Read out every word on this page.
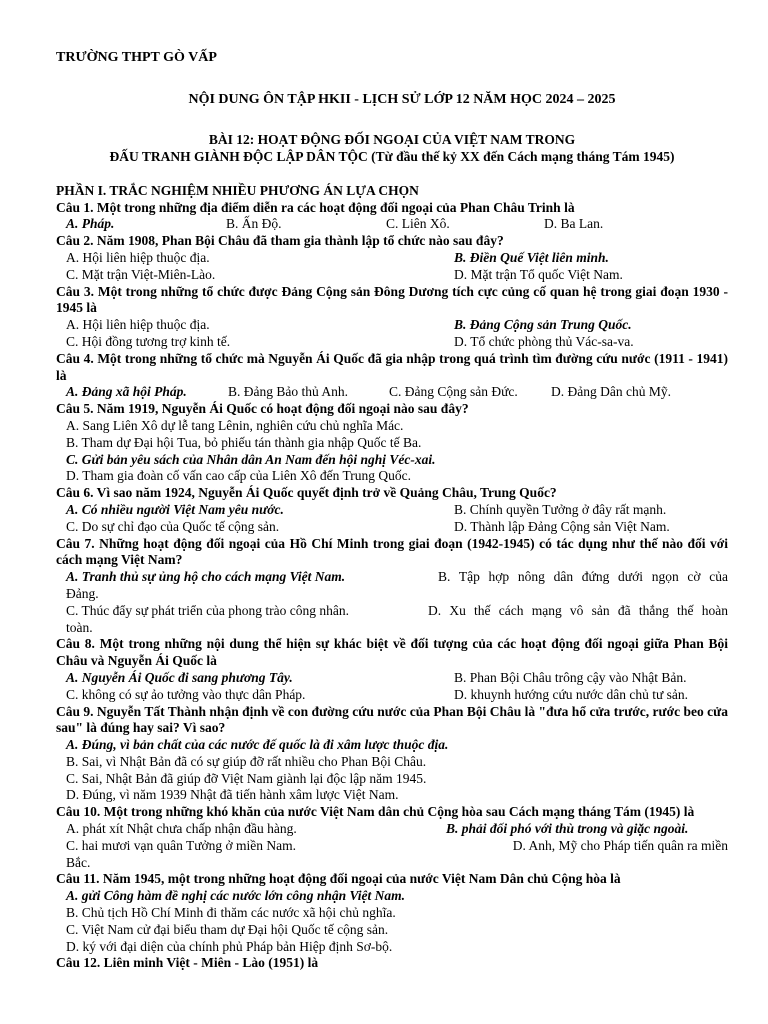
TRƯỜNG THPT GÒ VẤP
NỘI DUNG ÔN TẬP HKII - LỊCH SỬ LỚP 12 NĂM HỌC 2024 – 2025
BÀI 12: HOẠT ĐỘNG ĐỐI NGOẠI CỦA VIỆT NAM TRONG
ĐẤU TRANH GIÀNH ĐỘC LẬP DÂN TỘC (Từ đầu thế kỷ XX đến Cách mạng tháng Tám 1945)
PHẦN I. TRẮC NGHIỆM NHIỀU PHƯƠNG ÁN LỰA CHỌN
Câu 1. Một trong những địa điểm diễn ra các hoạt động đối ngoại của Phan Châu Trinh là
A. Pháp.	B. Ấn Độ.	C. Liên Xô.	D. Ba Lan.
Câu 2. Năm 1908, Phan Bội Châu đã tham gia thành lập tổ chức nào sau đây?
A. Hội liên hiệp thuộc địa.	B. Điền Quế Việt liên minh.
C. Mặt trận Việt-Miên-Lào.	D. Mặt trận Tổ quốc Việt Nam.
Câu 3. Một trong những tổ chức được Đảng Cộng sản Đông Dương tích cực củng cố quan hệ trong giai đoạn 1930 - 1945 là
A. Hội liên hiệp thuộc địa.	B. Đảng Cộng sản Trung Quốc.
C. Hội đồng tương trợ kinh tế.	D. Tổ chức phòng thủ Vác-sa-va.
Câu 4. Một trong những tổ chức mà Nguyễn Ái Quốc đã gia nhập trong quá trình tìm đường cứu nước (1911 - 1941) là
A. Đảng xã hội Pháp.	B. Đảng Bảo thủ Anh.	C. Đảng Cộng sản Đức.	D. Đảng Dân chủ Mỹ.
Câu 5. Năm 1919, Nguyễn Ái Quốc có hoạt động đối ngoại nào sau đây?
A. Sang Liên Xô dự lễ tang Lênin, nghiên cứu chủ nghĩa Mác.
B. Tham dự Đại hội Tua, bỏ phiếu tán thành gia nhập Quốc tế Ba.
C. Gửi bản yêu sách của Nhân dân An Nam đến hội nghị Véc-xai.
D. Tham gia đoàn cố vấn cao cấp của Liên Xô đến Trung Quốc.
Câu 6. Vì sao năm 1924, Nguyễn Ái Quốc quyết định trở về Quảng Châu, Trung Quốc?
A. Có nhiều người Việt Nam yêu nước.	B. Chính quyền Tưởng ở đây rất mạnh.
C. Do sự chỉ đạo của Quốc tế cộng sản.	D. Thành lập Đảng Cộng sản Việt Nam.
Câu 7. Những hoạt động đối ngoại của Hồ Chí Minh trong giai đoạn (1942-1945) có tác dụng như thế nào đối với cách mạng Việt Nam?
A. Tranh thủ sự ủng hộ cho cách mạng Việt Nam.	B. Tập hợp nông dân đứng dưới ngọn cờ của
Đảng.
C. Thúc đẩy sự phát triển của phong trào công nhân.	D. Xu thế cách mạng vô sản đã thắng thế hoàn
toàn.
Câu 8. Một trong những nội dung thể hiện sự khác biệt về đối tượng của các hoạt động đối ngoại giữa Phan Bội Châu và Nguyễn Ái Quốc là
A. Nguyễn Ái Quốc đi sang phương Tây.	B. Phan Bội Châu trông cậy vào Nhật Bản.
C. không có sự ảo tưởng vào thực dân Pháp.	D. khuynh hướng cứu nước dân chủ tư sản.
Câu 9. Nguyễn Tất Thành nhận định về con đường cứu nước của Phan Bội Châu là "đưa hổ cửa trước, rước beo cửa sau" là đúng hay sai? Vì sao?
A. Đúng, vì bản chất của các nước đế quốc là đi xâm lược thuộc địa.
B. Sai, vì Nhật Bản đã có sự giúp đỡ rất nhiều cho Phan Bội Châu.
C. Sai, Nhật Bản đã giúp đỡ Việt Nam giành lại độc lập năm 1945.
D. Đúng, vì năm 1939 Nhật đã tiến hành xâm lược Việt Nam.
Câu 10. Một trong những khó khăn của nước Việt Nam dân chủ Cộng hòa sau Cách mạng tháng Tám (1945) là
A. phát xít Nhật chưa chấp nhận đầu hàng.	B. phải đối phó với thù trong và giặc ngoài.
C. hai mươi vạn quân Tưởng ở miền Nam.	D. Anh, Mỹ cho Pháp tiến quân ra miền
Bắc.
Câu 11. Năm 1945, một trong những hoạt động đối ngoại của nước Việt Nam Dân chủ Cộng hòa là
A. gửi Công hàm đề nghị các nước lớn công nhận Việt Nam.
B. Chủ tịch Hồ Chí Minh đi thăm các nước xã hội chủ nghĩa.
C. Việt Nam cử đại biểu tham dự Đại hội Quốc tế cộng sản.
D. ký với đại diện của chính phủ Pháp bản Hiệp định Sơ-bộ.
Câu 12. Liên minh Việt - Miên - Lào (1951) là
